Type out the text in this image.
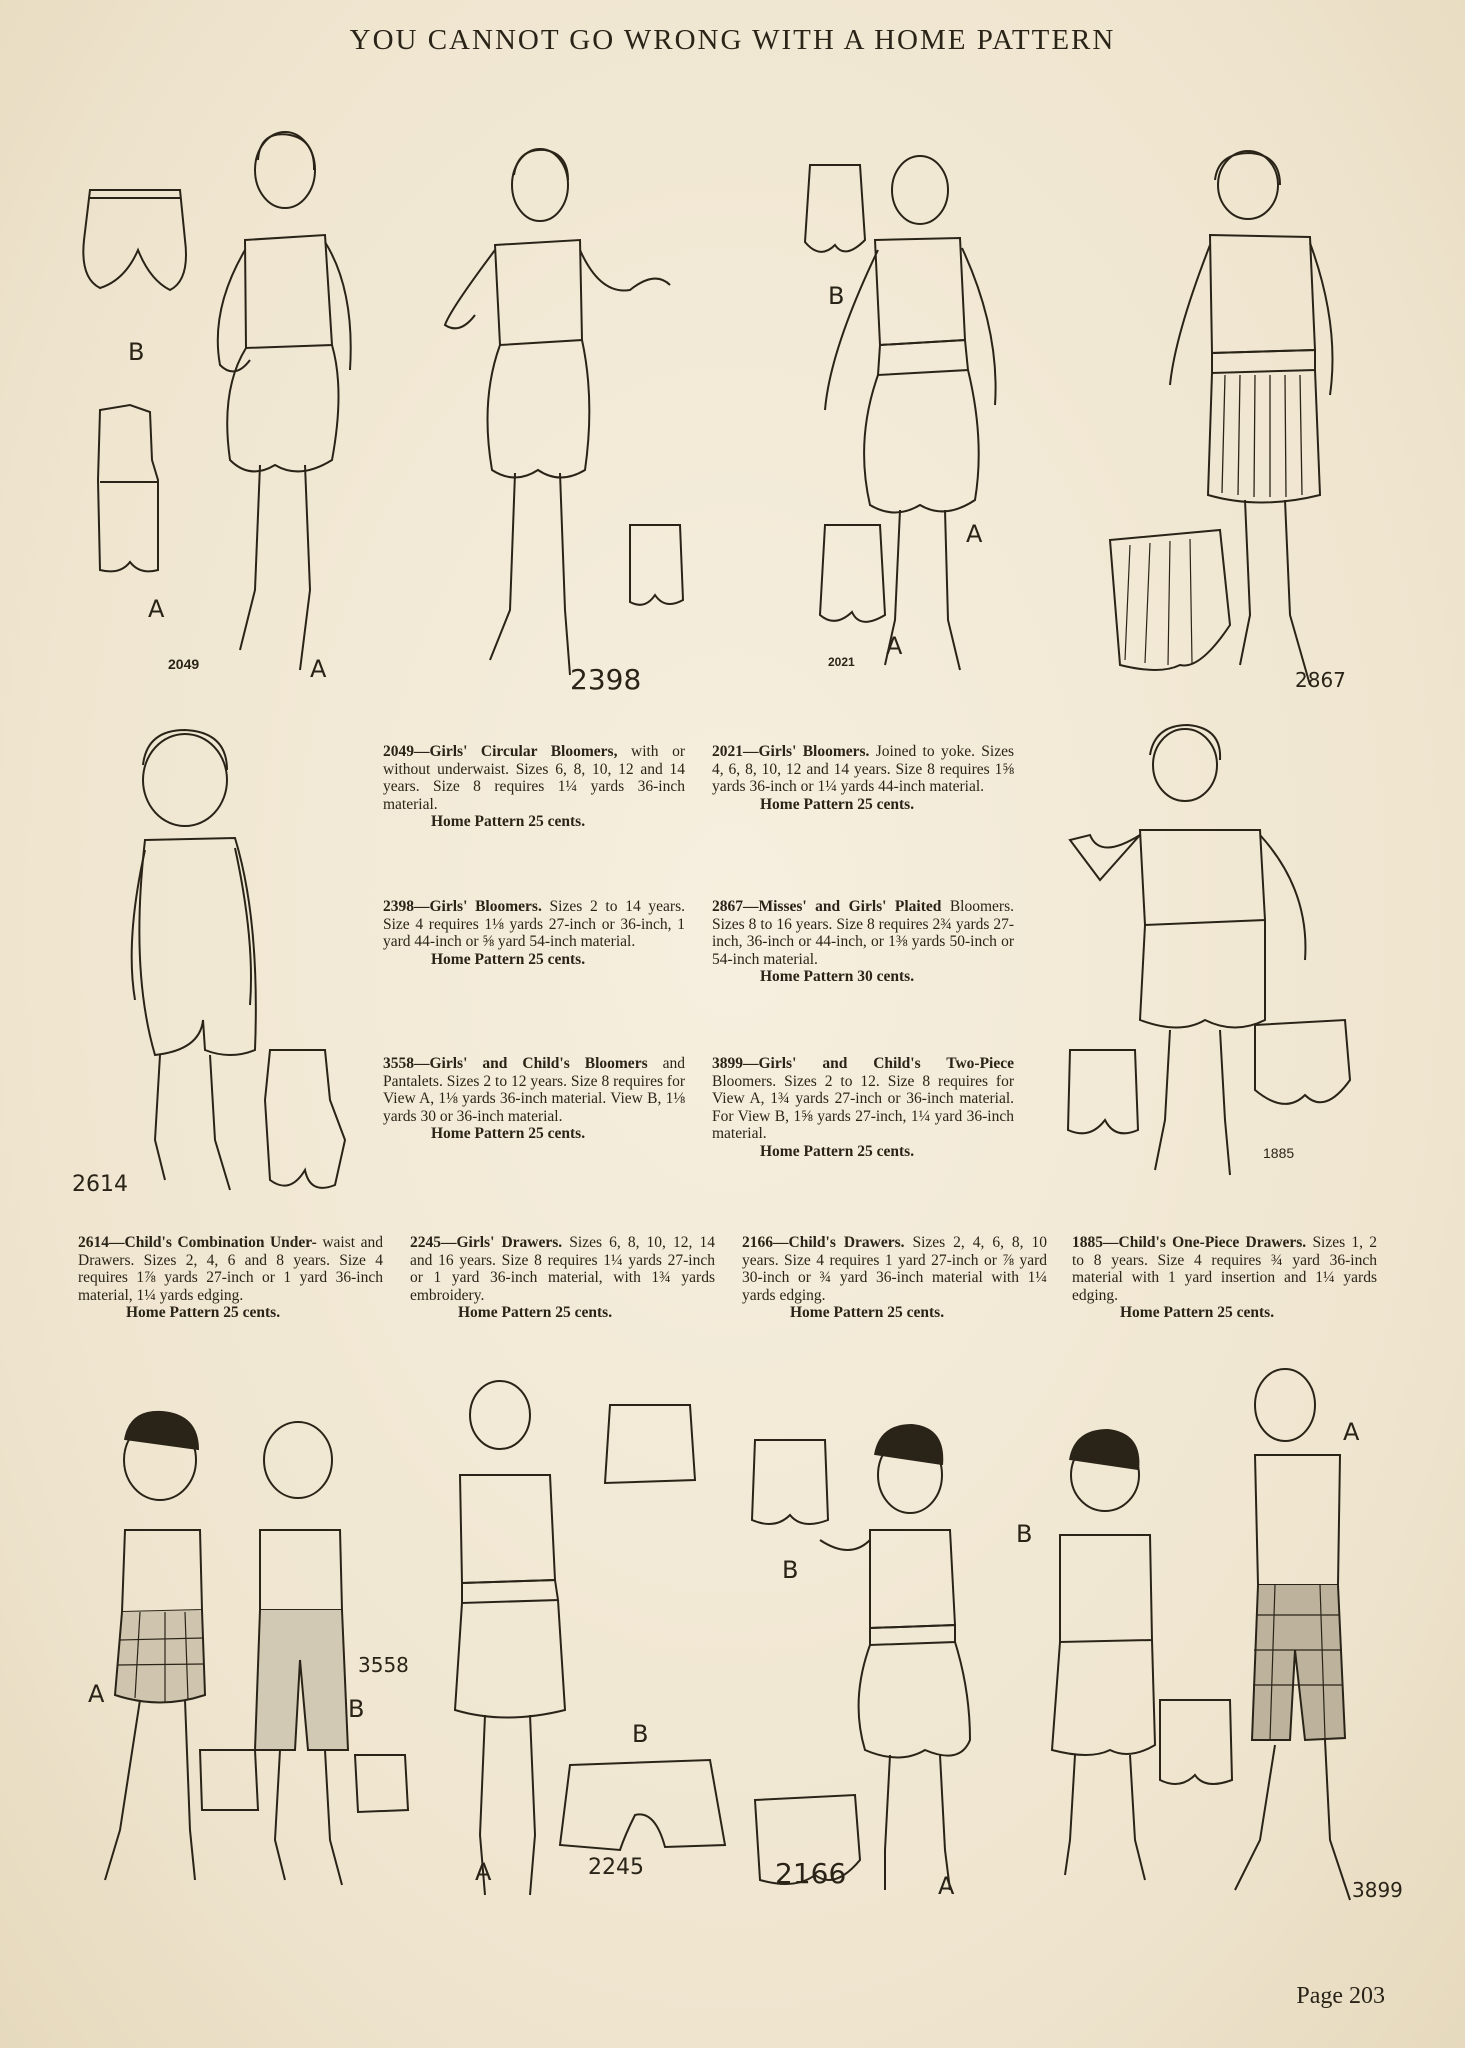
YOU CANNOT GO WRONG WITH A HOME PATTERN
B
A
A
2049	2398
B
A
A
2021
2867
2614
1885
2049—Girls' Circular Bloomers, with or without underwaist. Sizes 6, 8, 10, 12 and 14 years. Size 8 requires 1¼ yards 36-inch material.
Home Pattern 25 cents.
2021—Girls' Bloomers. Joined to yoke. Sizes 4, 6, 8, 10, 12 and 14 years. Size 8 requires 1⅝ yards 36-inch or 1¼ yards 44-inch material.
Home Pattern 25 cents.
2398—Girls' Bloomers. Sizes 2 to 14 years. Size 4 requires 1⅛ yards 27-inch or 36-inch, 1 yard 44-inch or ⅝ yard 54-inch material.
Home Pattern 25 cents.
2867—Misses' and Girls' Plaited Bloomers. Sizes 8 to 16 years. Size 8 requires 2¾ yards 27-inch, 36-inch or 44-inch, or 1⅜ yards 50-inch or 54-inch material.
Home Pattern 30 cents.
3558—Girls' and Child's Bloomers and Pantalets. Sizes 2 to 12 years. Size 8 requires for View A, 1⅛ yards 36-inch material. View B, 1⅛ yards 30 or 36-inch material.
Home Pattern 25 cents.
3899—Girls' and Child's Two-Piece Bloomers. Sizes 2 to 12. Size 8 requires for View A, 1¾ yards 27-inch or 36-inch material. For View B, 1⅝ yards 27-inch, 1¼ yard 36-inch material.
Home Pattern 25 cents.
2614—Child's Combination Under- waist and Drawers. Sizes 2, 4, 6 and 8 years. Size 4 requires 1⅞ yards 27-inch or 1 yard 36-inch material, 1¼ yards edging.
Home Pattern 25 cents.
2245—Girls' Drawers. Sizes 6, 8, 10, 12, 14 and 16 years. Size 8 requires 1¼ yards 27-inch or 1 yard 36-inch material, with 1¾ yards embroidery.
Home Pattern 25 cents.
2166—Child's Drawers. Sizes 2, 4, 6, 8, 10 years. Size 4 requires 1 yard 27-inch or ⅞ yard 30-inch or ¾ yard 36-inch material with 1¼ yards edging.
Home Pattern 25 cents.
1885—Child's One-Piece Drawers. Sizes 1, 2 to 8 years. Size 4 requires ¾ yard 36-inch material with 1 yard insertion and 1¼ yards edging.
Home Pattern 25 cents.
A
B
3558
B
A	2245
B
A
2166
B
A
3899
Page 203
